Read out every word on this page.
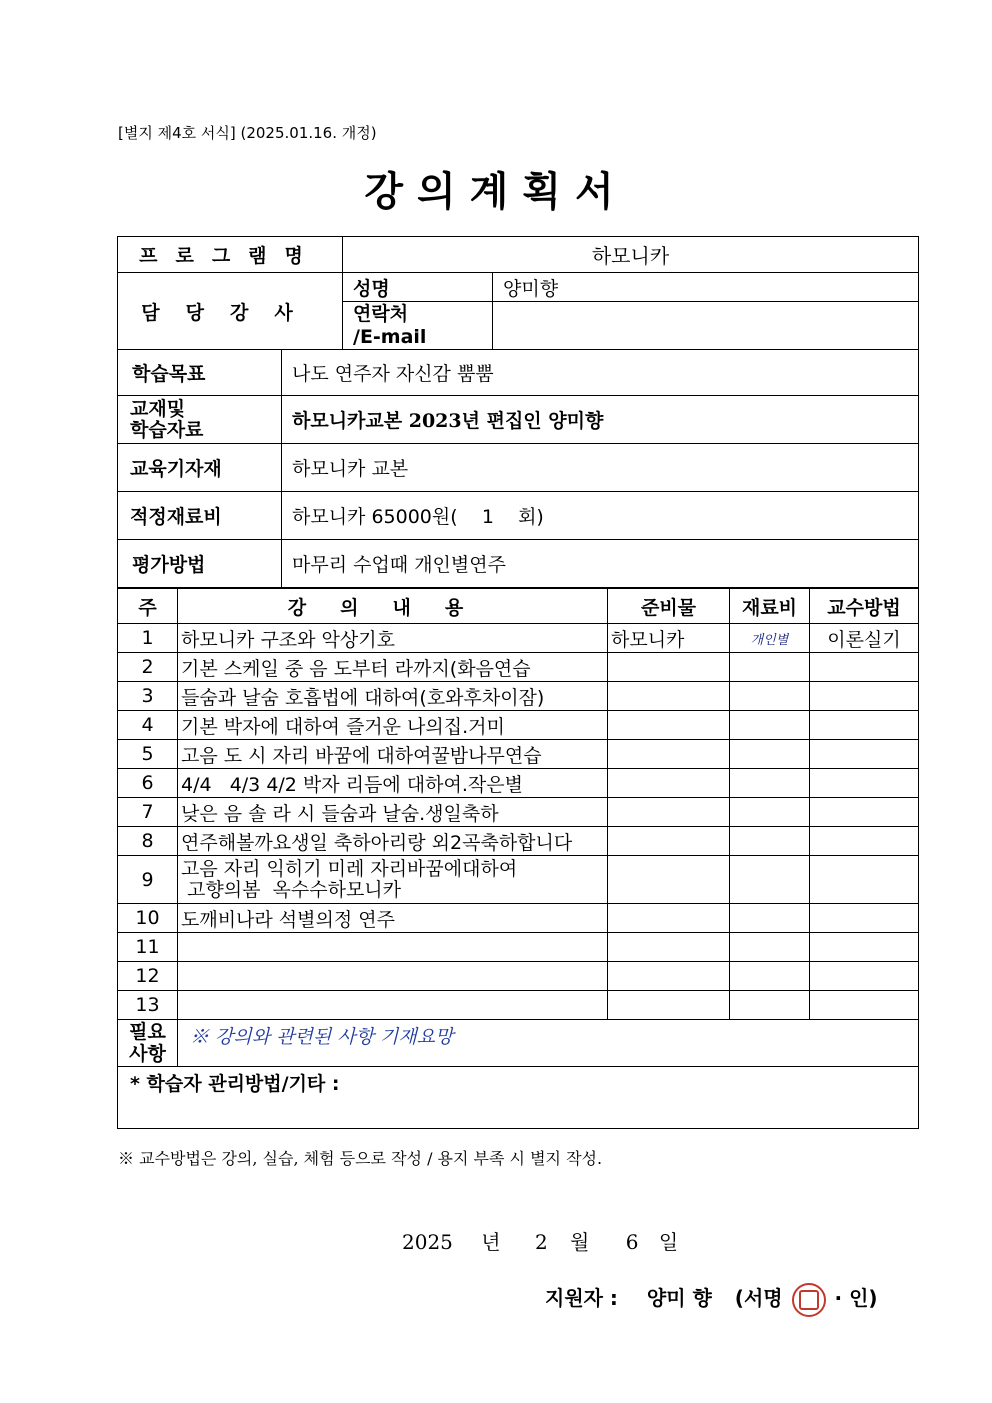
[별지 제4호 서식] (2025.01.16. 개정)
강의계획서
프로그램명	하모니카	
담당강사	성명	양미향

	연락처
/E-mail	

학습목표	나도 연주자 자신감 뿜뿜

교재및
학습자료	하모니카교본 2023년 편집인 양미향
교육기자재	하모니카 교본
적정재료비	하모니카 65000원(    1    회)
평가방법	마무리 수업때 개인별연주
주	강의내용	준비물	재료비	교수방법
1	하모니카 구조와 악상기호	하모니카	개인별	이론실기
2	기본 스케일 중 음 도부터 라까지(화음연습			
3	들숨과 날숨 호흡법에 대하여(호와후차이잠)			
4	기본 박자에 대하여 즐거운 나의집.거미			
5	고음 도 시 자리 바꿈에 대하여꿀밤나무연습			
6	4/4   4/3 4/2 박자 리듬에 대하여.작은별			
7	낮은 음 솔 라 시 들숨과 날숨.생일축하			
8	연주해볼까요생일 축하아리랑 외2곡축하합니다			
9	고음 자리 익히기 미레 자리바꿈에대하여
고향의봄  옥수수하모니카			

10	도깨비나라 석별의정 연주			
11				
12				
13				

필요
사항	※ 강의와 관련된 사항 기재요망			
* 학습자 관리방법/기타 :				
※ 교수방법은 강의, 실습, 체험 등으로 작성 / 용지 부족 시 별지 작성.
2025 년 2 월 6 일
지원자 : 양미 향 (서명	· 인)
